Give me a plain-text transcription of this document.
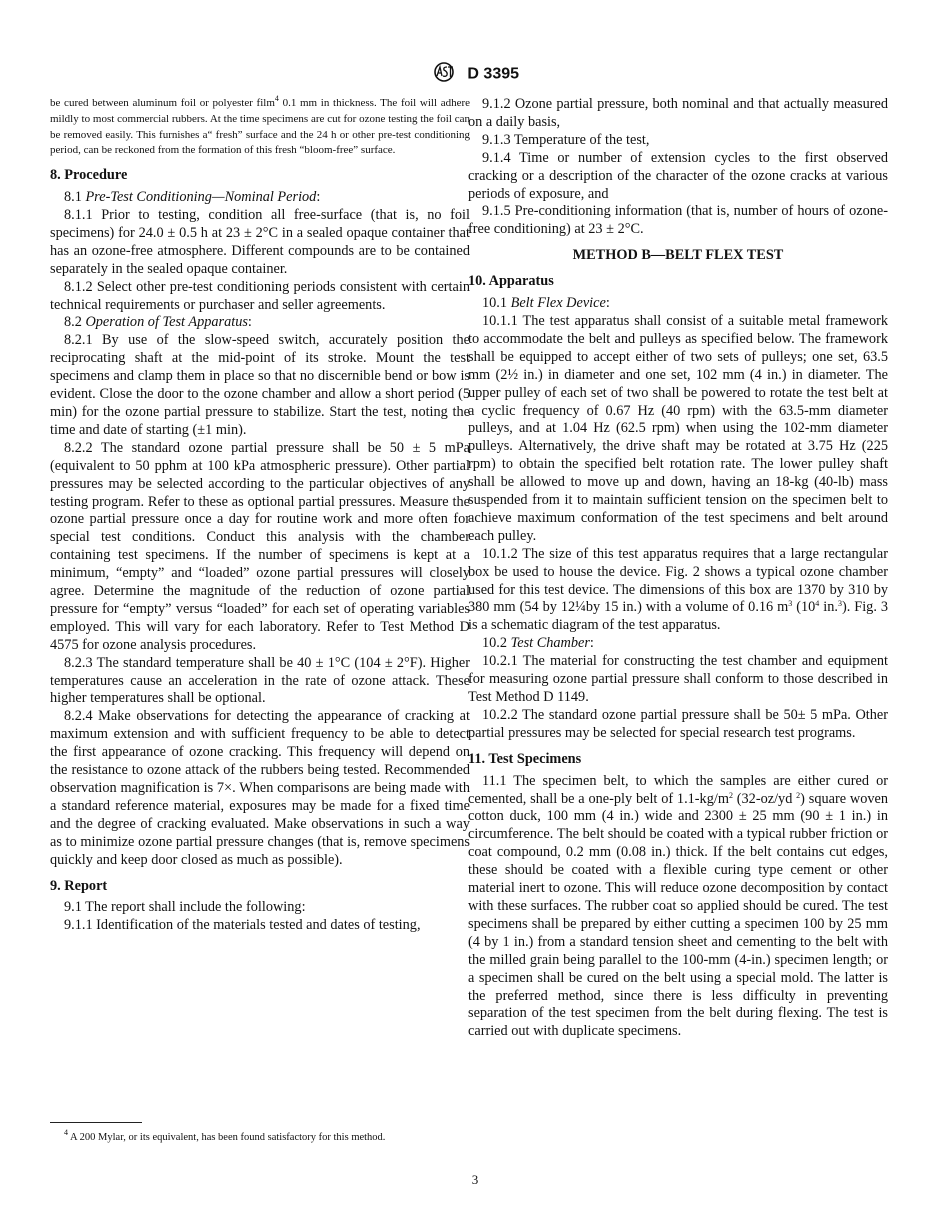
D 3395

be cured between aluminum foil or polyester film$^4$ 0.1 mm in thickness. The foil will adhere mildly to most commercial rubbers. At the time specimens are cut for ozone testing the foil can be removed easily. This furnishes a“ fresh” surface and the 24 h or other pre-test conditioning period, can be reckoned from the formation of this fresh “bloom-free” surface.

8. Procedure

8.1 Pre-Test Conditioning—Nominal Period:

8.1.1 Prior to testing, condition all free-surface (that is, no foil specimens) for 24.0 ± 0.5 h at 23 ± 2°C in a sealed opaque container that has an ozone-free atmosphere. Different compounds are to be contained separately in the sealed opaque container.

8.1.2 Select other pre-test conditioning periods consistent with certain technical requirements or purchaser and seller agreements.

8.2 Operation of Test Apparatus:

8.2.1 By use of the slow-speed switch, accurately position the reciprocating shaft at the mid-point of its stroke. Mount the test specimens and clamp them in place so that no discernible bend or bow is evident. Close the door to the ozone chamber and allow a short period (5 min) for the ozone partial pressure to stabilize. Start the test, noting the time and date of starting (±1 min).

8.2.2 The standard ozone partial pressure shall be 50 ± 5 mPa (equivalent to 50 pphm at 100 kPa atmospheric pressure). Other partial pressures may be selected according to the particular objectives of any testing program. Refer to these as optional partial pressures. Measure the ozone partial pressure once a day for routine work and more often for special test conditions. Conduct this analysis with the chamber containing test specimens. If the number of specimens is kept at a minimum, “empty” and “loaded” ozone partial pressures will closely agree. Determine the magnitude of the reduction of ozone partial pressure for “empty” versus “loaded” for each set of operating variables employed. This will vary for each laboratory. Refer to Test Method D 4575 for ozone analysis procedures.

8.2.3 The standard temperature shall be 40 ± 1°C (104 ± 2°F). Higher temperatures cause an acceleration in the rate of ozone attack. These higher temperatures shall be optional.

8.2.4 Make observations for detecting the appearance of cracking at maximum extension and with sufficient frequency to be able to detect the first appearance of ozone cracking. This frequency will depend on the resistance to ozone attack of the rubbers being tested. Recommended observation magnification is 7×. When comparisons are being made with a standard reference material, exposures may be made for a fixed time and the degree of cracking evaluated. Make observations in such a way as to minimize ozone partial pressure changes (that is, remove specimens quickly and keep door closed as much as possible).

9. Report

9.1 The report shall include the following:

9.1.1 Identification of the materials tested and dates of testing,

9.1.2 Ozone partial pressure, both nominal and that actually measured on a daily basis,

9.1.3 Temperature of the test,

9.1.4 Time or number of extension cycles to the first observed cracking or a description of the character of the ozone cracks at various periods of exposure, and

9.1.5 Pre-conditioning information (that is, number of hours of ozone-free conditioning) at 23 ± 2°C.

METHOD B—BELT FLEX TEST

10. Apparatus

10.1 Belt Flex Device:

10.1.1 The test apparatus shall consist of a suitable metal framework to accommodate the belt and pulleys as specified below. The framework shall be equipped to accept either of two sets of pulleys; one set, 63.5 mm (2½ in.) in diameter and one set, 102 mm (4 in.) in diameter. The upper pulley of each set of two shall be powered to rotate the test belt at a cyclic frequency of 0.67 Hz (40 rpm) with the 63.5-mm diameter pulleys, and at 1.04 Hz (62.5 rpm) when using the 102-mm diameter pulleys. Alternatively, the drive shaft may be rotated at 3.75 Hz (225 rpm) to obtain the specified belt rotation rate. The lower pulley shaft shall be allowed to move up and down, having an 18-kg (40-lb) mass suspended from it to maintain sufficient tension on the specimen belt to achieve maximum conformation of the test specimens and belt around each pulley.

10.1.2 The size of this test apparatus requires that a large rectangular box be used to house the device. Fig. 2 shows a typical ozone chamber used for this test device. The dimensions of this box are 1370 by 310 by 380 mm (54 by 12¼by 15 in.) with a volume of 0.16 $m^3$ ($10^4$ in.$^3$). Fig. 3 is a schematic diagram of the test apparatus.

10.2 Test Chamber:

10.2.1 The material for constructing the test chamber and equipment for measuring ozone partial pressure shall conform to those described in Test Method D 1149.

10.2.2 The standard ozone partial pressure shall be 50± 5 mPa. Other partial pressures may be selected for special research test programs.

11. Test Specimens

11.1 The specimen belt, to which the samples are either cured or cemented, shall be a one-ply belt of $1.1-kg/m^2$ (32-oz/yd $^2$) square woven cotton duck, 100 mm (4 in.) wide and 2300 ± 25 mm (90 ± 1 in.) in circumference. The belt should be coated with a typical rubber friction or coat compound, 0.2 mm (0.08 in.) thick. If the belt contains cut edges, these should be coated with a flexible curing type cement or other material inert to ozone. This will reduce ozone decomposition by contact with these surfaces. The rubber coat so applied should be cured. The test specimens shall be prepared by either cutting a specimen 100 by 25 mm (4 by 1 in.) from a standard tension sheet and cementing to the belt with the milled grain being parallel to the 100-mm (4-in.) specimen length; or a specimen shall be cured on the belt using a special mold. The latter is the preferred method, since there is less difficulty in preventing separation of the test specimen from the belt during flexing. The test is carried out with duplicate specimens.

$^4$ A 200 Mylar, or its equivalent, has been found satisfactory for this method.

3
